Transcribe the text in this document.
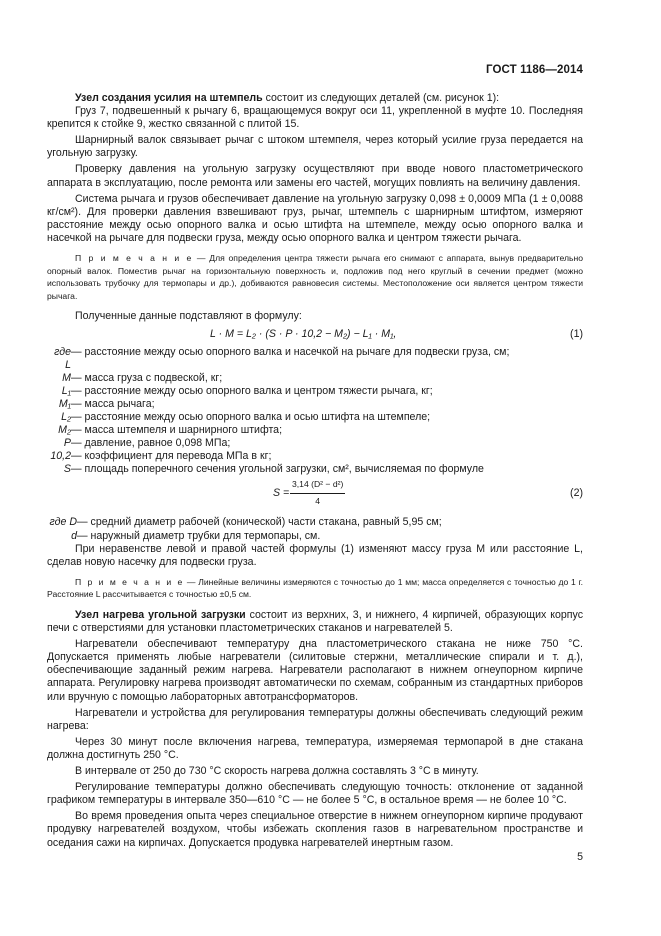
ГОСТ 1186—2014

Узел создания усилия на штемпель состоит из следующих деталей (см. рисунок 1):

Груз 7, подвешенный к рычагу 6, вращающемуся вокруг оси 11, укрепленной в муфте 10. Последняя крепится к стойке 9, жестко связанной с плитой 15.

Шарнирный валок связывает рычаг с штоком штемпеля, через который усилие груза передается на угольную загрузку.

Проверку давления на угольную загрузку осуществляют при вводе нового пластометрического аппарата в эксплуатацию, после ремонта или замены его частей, могущих повлиять на величину давления.

Система рычага и грузов обеспечивает давление на угольную загрузку 0,098 ± 0,0009 МПа (1 ± 0,0088 кг/см²). Для проверки давления взвешивают груз, рычаг, штемпель с шарнирным штифтом, измеряют расстояние между осью опорного валка и осью штифта на штемпеле, между осью опорного валка и насечкой на рычаге для подвески груза, между осью опорного валка и центром тяжести рычага.

П р и м е ч а н и е — Для определения центра тяжести рычага его снимают с аппарата, вынув предварительно опорный валок. Поместив рычаг на горизонтальную поверхность и, подложив под него круглый в сечении предмет (можно использовать трубочку для термопары и др.), добиваются равновесия системы. Местоположение оси является центром тяжести рычага.

Полученные данные подставляют в формулу:

L · M = L₂ · (S · P · 10,2 − M₂) − L₁ · M₁,	(1)
где L
— расстояние между осью опорного валка и насечкой на рычаге для подвески груза, см;
M — масса груза с подвеской, кг;
L₁ — расстояние между осью опорного валка и центром тяжести рычага, кг;
M₁ — масса рычага;
L₂ — расстояние между осью опорного валка и осью штифта на штемпеле;
M₂ — масса штемпеля и шарнирного штифта;
P — давление, равное 0,098 МПа;
10,2 — коэффициент для перевода МПа в кг;
S — площадь поперечного сечения угольной загрузки, см², вычисляемая по формуле
$S = \frac{\text{3,14 (D² − d²)}}{4}$	(2)
где D — средний диаметр рабочей (конической) части стакана, равный 5,95 см;
d — наружный диаметр трубки для термопары, см.

При неравенстве левой и правой частей формулы (1) изменяют массу груза М или расстояние L, сделав новую насечку для подвески груза.

П р и м е ч а н и е — Линейные величины измеряются с точностью до 1 мм; масса определяется с точностью до 1 г. Расстояние L рассчитывается с точностью ±0,5 см.

Узел нагрева угольной загрузки состоит из верхних, 3, и нижнего, 4 кирпичей, образующих корпус печи с отверстиями для установки пластометрических стаканов и нагревателей 5.

Нагреватели обеспечивают температуру дна пластометрического стакана не ниже 750 °С. Допускается применять любые нагреватели (силитовые стержни, металлические спирали и т. д.), обеспечивающие заданный режим нагрева. Нагреватели располагают в нижнем огнеупорном кирпиче аппарата. Регулировку нагрева производят автоматически по схемам, собранным из стандартных приборов или вручную с помощью лабораторных автотрансформаторов.

Нагреватели и устройства для регулирования температуры должны обеспечивать следующий режим нагрева:

Через 30 минут после включения нагрева, температура, измеряемая термопарой в дне стакана должна достигнуть 250 °С.

В интервале от 250 до 730 °С скорость нагрева должна составлять 3 °С в минуту.

Регулирование температуры должно обеспечивать следующую точность: отклонение от заданной графиком температуры в интервале 350—610 °С — не более 5 °С, в остальное время — не более 10 °С.

Во время проведения опыта через специальное отверстие в нижнем огнеупорном кирпиче продувают продувку нагревателей воздухом, чтобы избежать скопления газов в нагревательном пространстве и оседания сажи на кирпичах. Допускается продувка нагревателей инертным газом.

5
